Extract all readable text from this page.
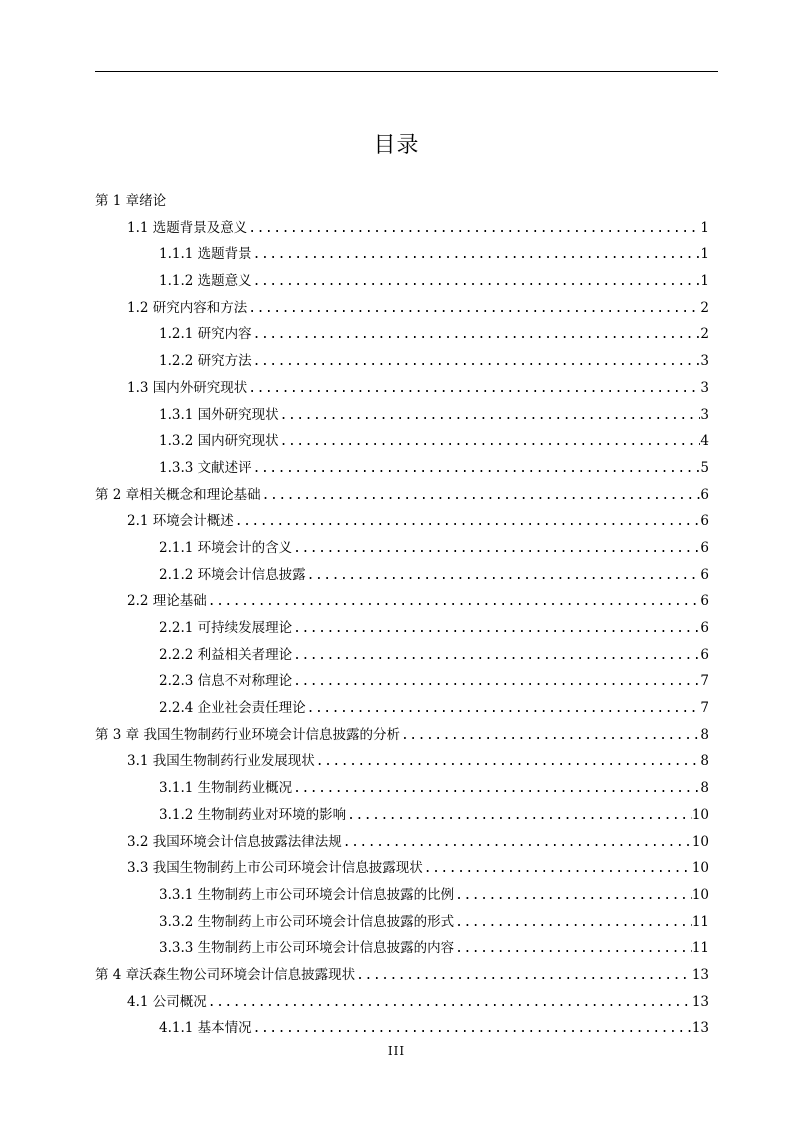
目录
第 1 章绪论
1.1 选题背景及意义 .....	1
1.1.1 选题背景 .....	1
1.1.2 选题意义 .....	1
1.2 研究内容和方法 .....	2
1.2.1 研究内容 .....	2
1.2.2 研究方法 .....	3
1.3 国内外研究现状 .....	3
1.3.1 国外研究现状 .....	3
1.3.2 国内研究现状 .....	4
1.3.3 文献述评 .....	5
第 2 章相关概念和理论基础 .....	6
2.1 环境会计概述 .....	6
2.1.1 环境会计的含义 .....	6
2.1.2 环境会计信息披露 .....	6
2.2 理论基础 .....	6
2.2.1 可持续发展理论 .....	6
2.2.2 利益相关者理论 .....	6
2.2.3 信息不对称理论 .....	7
2.2.4 企业社会责任理论 .....	7
第 3 章 我国生物制药行业环境会计信息披露的分析 .....	8
3.1 我国生物制药行业发展现状 .....	8
3.1.1 生物制药业概况 .....	8
3.1.2 生物制药业对环境的影响 .....	10
3.2 我国环境会计信息披露法律法规 .....	10
3.3 我国生物制药上市公司环境会计信息披露现状 .....	10
3.3.1 生物制药上市公司环境会计信息披露的比例 .....	10
3.3.2 生物制药上市公司环境会计信息披露的形式 .....	11
3.3.3 生物制药上市公司环境会计信息披露的内容 .....	11
第 4 章沃森生物公司环境会计信息披露现状 .....	13
4.1 公司概况 .....	13
4.1.1 基本情况 .....	13
III
